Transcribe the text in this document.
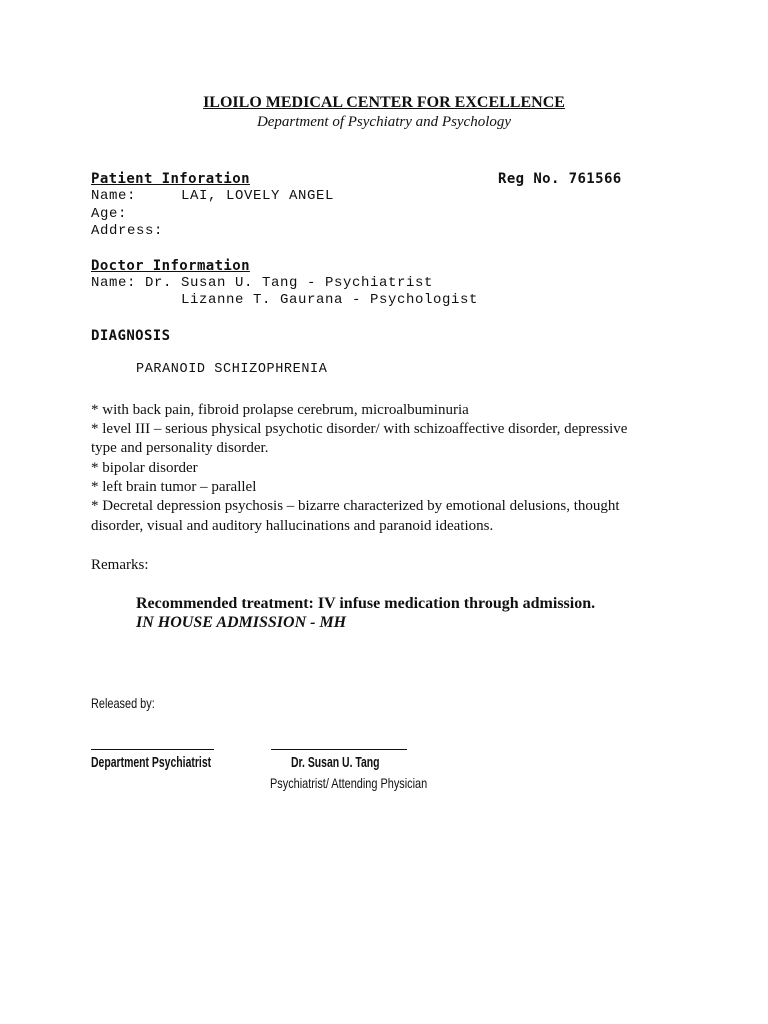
ILOILO MEDICAL CENTER FOR EXCELLENCE
Department of Psychiatry and Psychology
Patient Inforation	Reg No. 761566
Name:	LAI, LOVELY ANGEL
Age:
Address:
Doctor Information
Name: Dr. Susan U. Tang - Psychiatrist
Lizanne T. Gaurana - Psychologist
DIAGNOSIS
PARANOID SCHIZOPHRENIA
* with back pain, fibroid prolapse cerebrum, microalbuminuria
* level III – serious physical psychotic disorder/ with schizoaffective disorder, depressive
type and personality disorder.
* bipolar disorder
* left brain tumor – parallel
* Decretal depression psychosis – bizarre characterized by emotional delusions, thought
disorder, visual and auditory hallucinations and paranoid ideations.
Remarks:
Recommended treatment: IV infuse medication through admission.
IN HOUSE ADMISSION - MH
Released by:
Department Psychiatrist	Dr. Susan U. Tang
Psychiatrist/ Attending Physician
